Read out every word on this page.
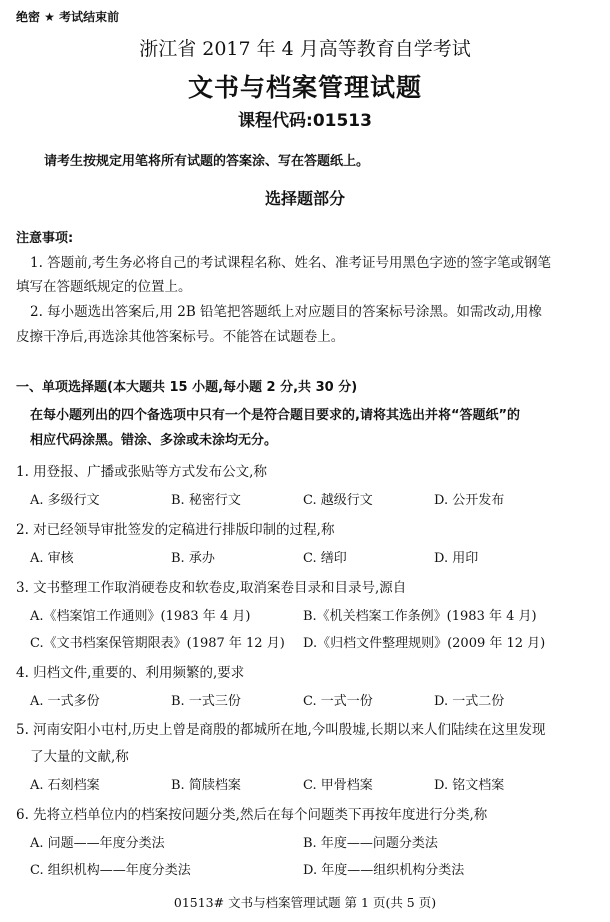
绝密 ★ 考试结束前
浙江省 2017 年 4 月高等教育自学考试
文书与档案管理试题
课程代码:01513
请考生按规定用笔将所有试题的答案涂、写在答题纸上。
选择题部分
注意事项:
1. 答题前,考生务必将自己的考试课程名称、姓名、准考证号用黑色字迹的签字笔或钢笔
填写在答题纸规定的位置上。
2. 每小题选出答案后,用 2B 铅笔把答题纸上对应题目的答案标号涂黑。如需改动,用橡
皮擦干净后,再选涂其他答案标号。不能答在试题卷上。
一、单项选择题(本大题共 15 小题,每小题 2 分,共 30 分)
在每小题列出的四个备选项中只有一个是符合题目要求的,请将其选出并将“答题纸”的
相应代码涂黑。错涂、多涂或未涂均无分。
1. 用登报、广播或张贴等方式发布公文,称
A. 多级行文	B. 秘密行文	C. 越级行文	D. 公开发布
2. 对已经领导审批签发的定稿进行排版印制的过程,称
A. 审核	B. 承办	C. 缮印	D. 用印
3. 文书整理工作取消硬卷皮和软卷皮,取消案卷目录和目录号,源自
A.《档案馆工作通则》(1983 年 4 月)	B.《机关档案工作条例》(1983 年 4 月)
C.《文书档案保管期限表》(1987 年 12 月) D.《归档文件整理规则》(2009 年 12 月)
4. 归档文件,重要的、利用频繁的,要求
A. 一式多份	B. 一式三份	C. 一式一份	D. 一式二份
5. 河南安阳小屯村,历史上曾是商殷的都城所在地,今叫殷墟,长期以来人们陆续在这里发现
了大量的文献,称
A. 石刻档案	B. 简牍档案	C. 甲骨档案	D. 铭文档案
6. 先将立档单位内的档案按问题分类,然后在每个问题类下再按年度进行分类,称
A. 问题——年度分类法	B. 年度——问题分类法
C. 组织机构——年度分类法	D. 年度——组织机构分类法
01513# 文书与档案管理试题 第 1 页(共 5 页)
